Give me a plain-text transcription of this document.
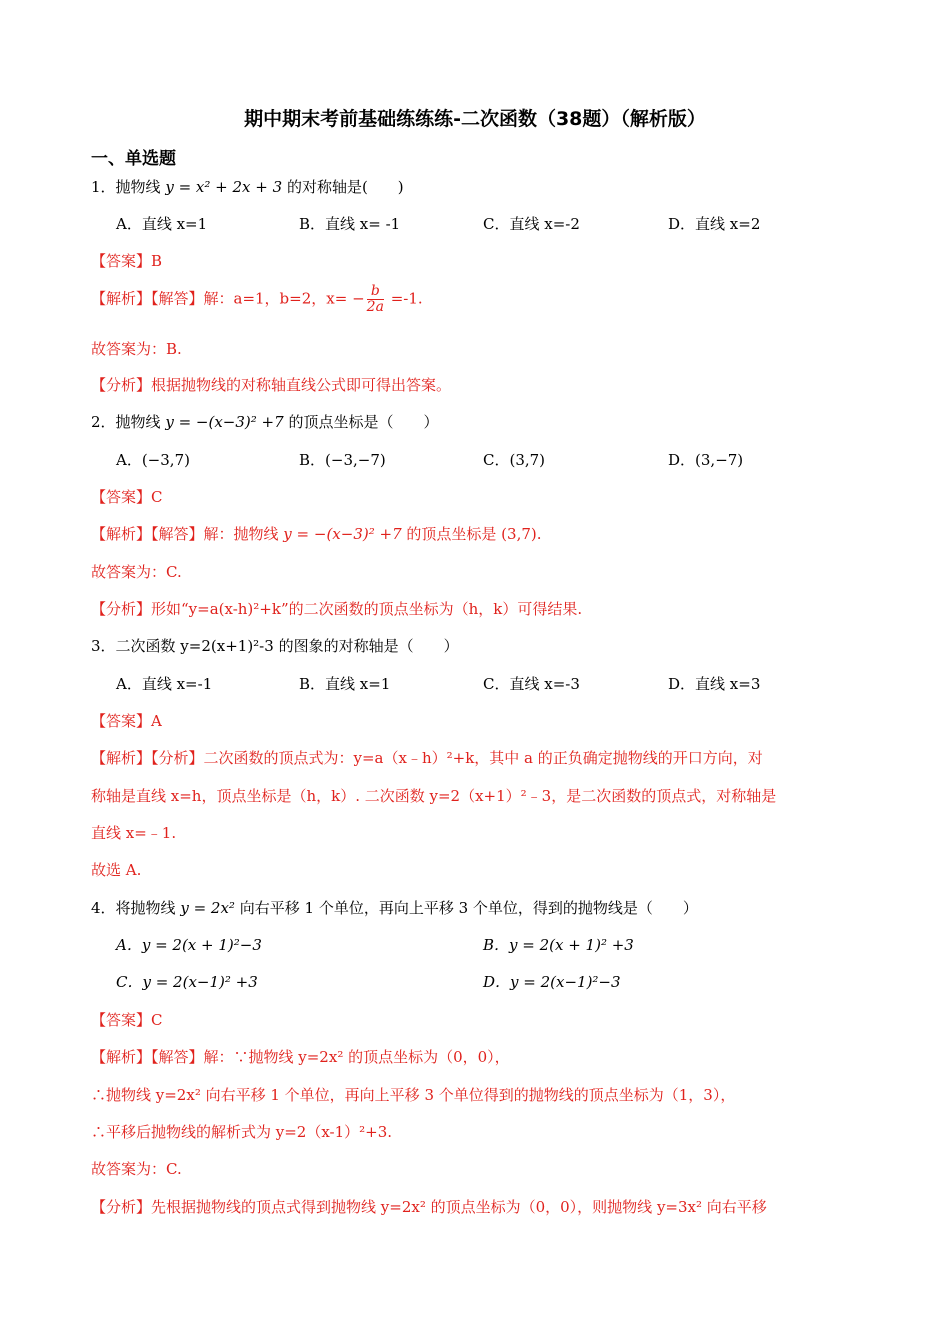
期中期末考前基础练练练-二次函数（38题）（解析版）
一、单选题
1．抛物线 y = x² + 2x + 3 的对称轴是(　　)
A．直线 x=1	B．直线 x= -1	C．直线 x=-2	D．直线 x=2
【答案】B
【解析】【解答】解：a=1，b=2，$x= - \frac{b}{2a} =-1$.
故答案为：B.
【分析】根据抛物线的对称轴直线公式即可得出答案。
2．抛物线 y = −(x−3)² +7 的顶点坐标是（　　）
A．(−3,7)	B．(−3,−7)	C．(3,7)	D．(3,−7)
【答案】C
【解析】【解答】解：抛物线 y = −(x−3)² +7 的顶点坐标是 (3,7).
故答案为：C.
【分析】形如“y=a(x-h)²+k”的二次函数的顶点坐标为（h，k）可得结果.
3．二次函数 y=2(x+1)²-3 的图象的对称轴是（　　）
A．直线 x=-1	B．直线 x=1	C．直线 x=-3	D．直线 x=3
【答案】A
【解析】【分析】二次函数的顶点式为：y=a（x﹣h）²+k，其中 a 的正负确定抛物线的开口方向，对
称轴是直线 x=h，顶点坐标是（h，k）. 二次函数 y=2（x+1）²﹣3，是二次函数的顶点式，对称轴是
直线 x=﹣1.
故选 A.
4．将抛物线 y = 2x² 向右平移 1 个单位，再向上平移 3 个单位，得到的抛物线是（　　）
A．y = 2(x + 1)²−3	B．y = 2(x + 1)² +3
C．y = 2(x−1)² +3	D．y = 2(x−1)²−3
【答案】C
【解析】【解答】解：∵抛物线 y=2x² 的顶点坐标为（0，0），
∴抛物线 y=2x² 向右平移 1 个单位，再向上平移 3 个单位得到的抛物线的顶点坐标为（1，3），
∴平移后抛物线的解析式为 y=2（x-1）²+3.
故答案为：C.
【分析】先根据抛物线的顶点式得到抛物线 y=2x² 的顶点坐标为（0，0），则抛物线 y=3x² 向右平移
